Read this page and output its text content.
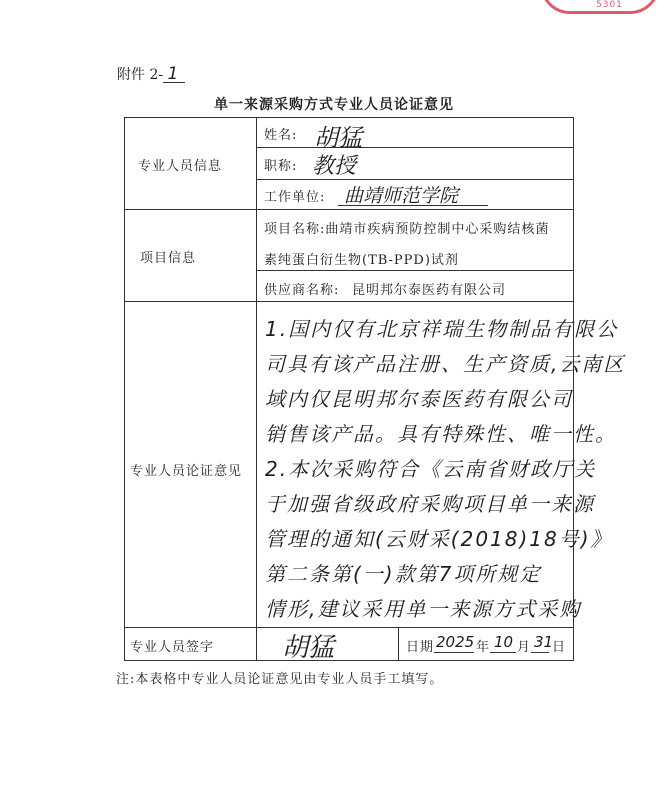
5301
附件 2- 1
单一来源采购方式专业人员论证意见
专业人员信息
姓名: 胡猛
职称: 教授
工作单位: 曲靖师范学院
项目信息
项目名称:曲靖市疾病预防控制中心采购结核菌
素纯蛋白衍生物(TB-PPD)试剂
供应商名称: 昆明邦尔泰医药有限公司
专业人员论证意见
1.国内仅有北京祥瑞生物制品有限公
司具有该产品注册、生产资质,云南区
域内仅昆明邦尔泰医药有限公司
销售该产品。具有特殊性、唯一性。
2.本次采购符合《云南省财政厅关
于加强省级政府采购项目单一来源
管理的通知(云财采(2018)18号)》
第二条第(一)款第7项所规定
情形,建议采用单一来源方式采购
专业人员签字	胡猛	日期 2025 年 10 月 31
日
注:本表格中专业人员论证意见由专业人员手工填写。
